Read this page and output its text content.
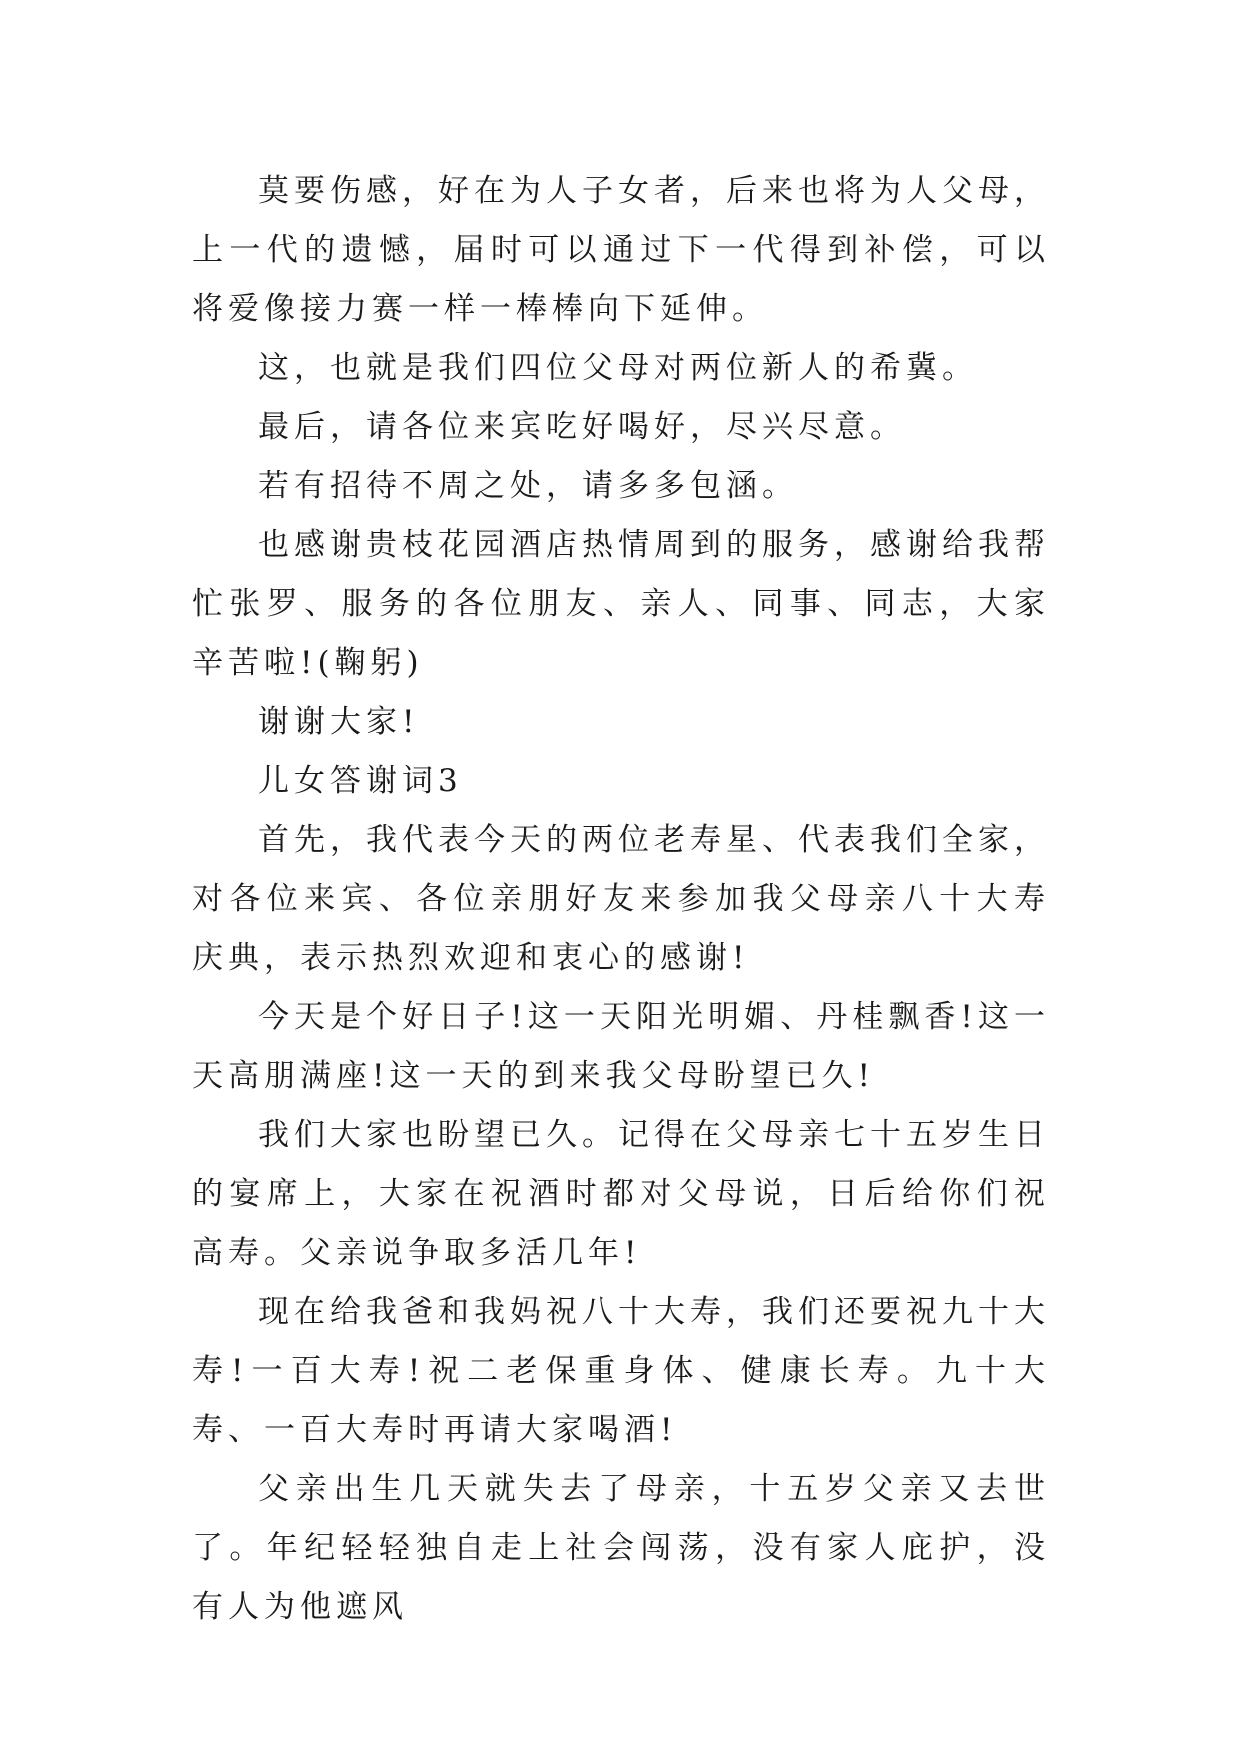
莫要伤感，好在为人子女者，后来也将为人父母，上一代的遗憾，届时可以通过下一代得到补偿，可以将爱像接力赛一样一棒棒向下延伸。

这，也就是我们四位父母对两位新人的希冀。

最后，请各位来宾吃好喝好，尽兴尽意。

若有招待不周之处，请多多包涵。

也感谢贵枝花园酒店热情周到的服务，感谢给我帮忙张罗、服务的各位朋友、亲人、同事、同志，大家辛苦啦!(鞠躬)

谢谢大家!

儿女答谢词3

首先，我代表今天的两位老寿星、代表我们全家，对各位来宾、各位亲朋好友来参加我父母亲八十大寿庆典，表示热烈欢迎和衷心的感谢!

今天是个好日子!这一天阳光明媚、丹桂飘香!这一天高朋满座!这一天的到来我父母盼望已久!

我们大家也盼望已久。记得在父母亲七十五岁生日的宴席上，大家在祝酒时都对父母说，日后给你们祝高寿。父亲说争取多活几年!

现在给我爸和我妈祝八十大寿，我们还要祝九十大寿!一百大寿!祝二老保重身体、健康长寿。九十大寿、一百大寿时再请大家喝酒!

父亲出生几天就失去了母亲，十五岁父亲又去世了。年纪轻轻独自走上社会闯荡，没有家人庇护，没有人为他遮风
